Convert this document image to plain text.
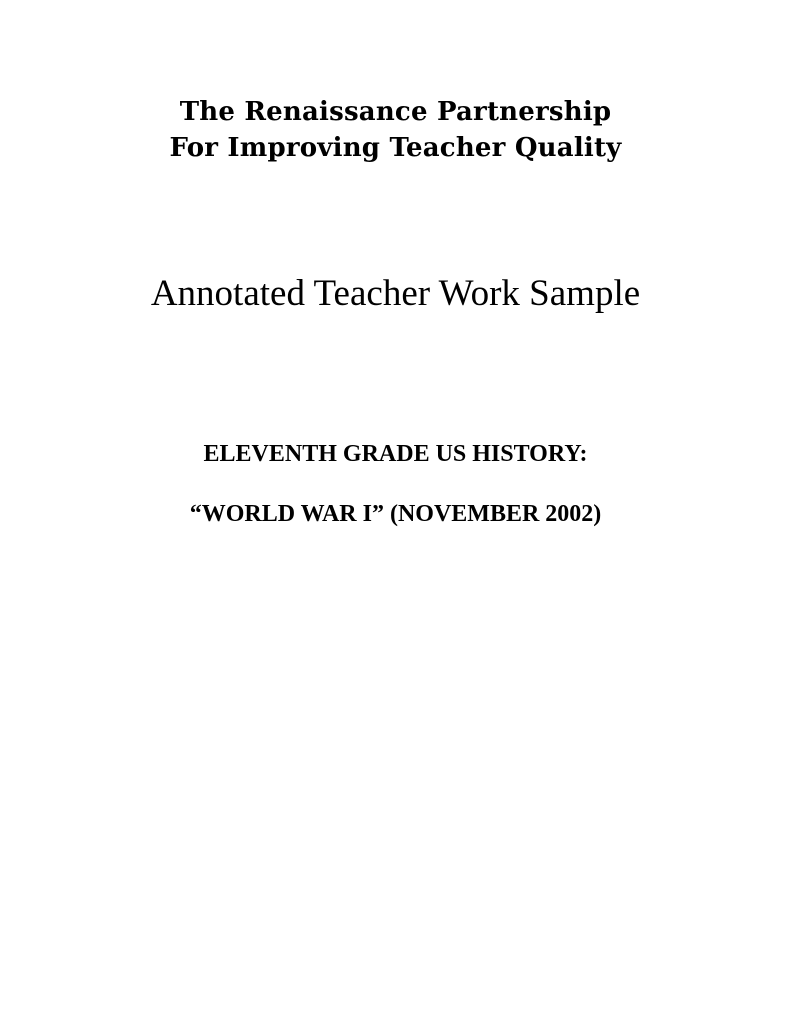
The Renaissance Partnership
For Improving Teacher Quality
Annotated Teacher Work Sample
ELEVENTH GRADE US HISTORY:
“WORLD WAR I” (NOVEMBER 2002)
